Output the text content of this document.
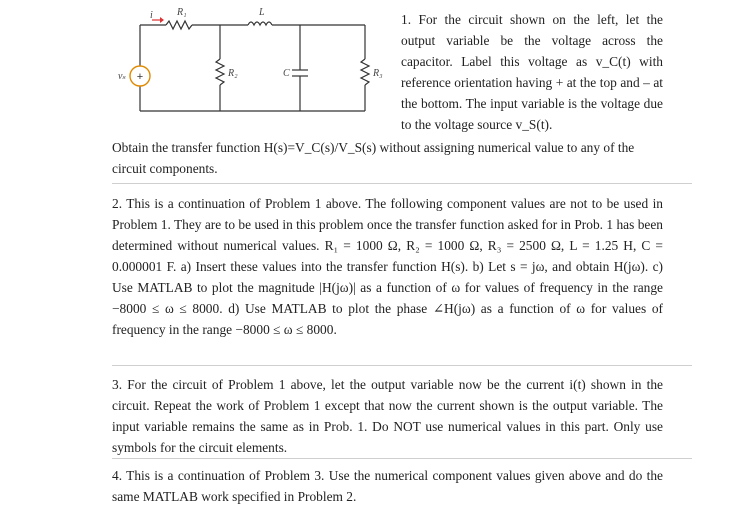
+
i R₁	L
vₛ	R₂	C	R₃
1. For the circuit shown on the left, let the output variable be the voltage across the capacitor. Label this voltage as v_C(t) with reference orientation having + at the top and – at the bottom. The input variable is the voltage due to the voltage source v_S(t).
Obtain the transfer function H(s)=V_C(s)/V_S(s) without assigning numerical value to any of the circuit components.
2. This is a continuation of Problem 1 above. The following component values are not to be used in Problem 1. They are to be used in this problem once the transfer function asked for in Prob. 1 has been determined without numerical values. R₁ = 1000 Ω, R₂ = 1000 Ω, R₃ = 2500 Ω, L = 1.25 H, C = 0.000001 F. a) Insert these values into the transfer function H(s). b) Let s = jω, and obtain H(jω). c) Use MATLAB to plot the magnitude |H(jω)| as a function of ω for values of frequency in the range −8000 ≤ ω ≤ 8000. d) Use MATLAB to plot the phase ∠H(jω) as a function of ω for values of frequency in the range −8000 ≤ ω ≤ 8000.
3. For the circuit of Problem 1 above, let the output variable now be the current i(t) shown in the circuit. Repeat the work of Problem 1 except that now the current shown is the output variable. The input variable remains the same as in Prob. 1. Do NOT use numerical values in this part. Only use symbols for the circuit elements.
4. This is a continuation of Problem 3. Use the numerical component values given above and do the same MATLAB work specified in Problem 2.
